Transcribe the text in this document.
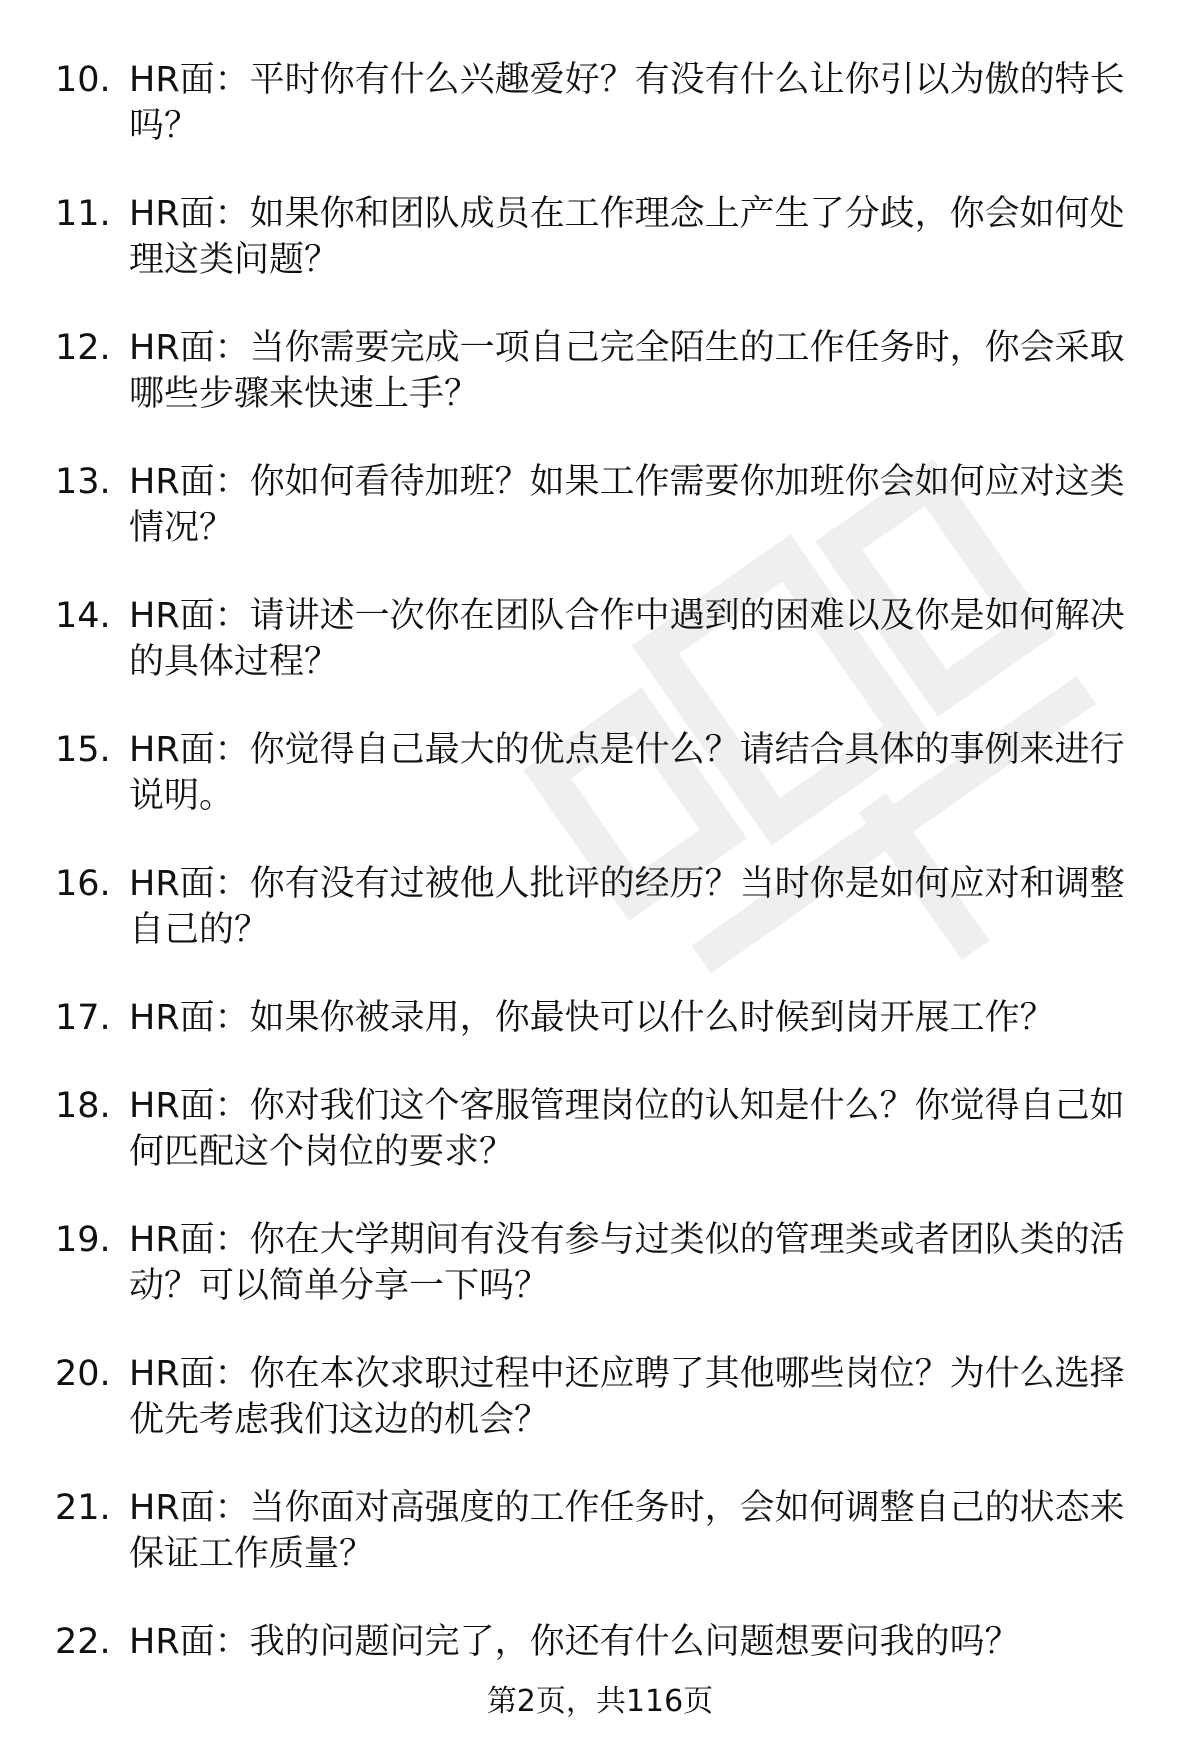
10. HR面：平时你有什么兴趣爱好？有没有什么让你引以为傲的特长吗？
11. HR面：如果你和团队成员在工作理念上产生了分歧，你会如何处理这类问题？
12. HR面：当你需要完成一项自己完全陌生的工作任务时，你会采取哪些步骤来快速上手？
13. HR面：你如何看待加班？如果工作需要你加班你会如何应对这类情况？
14. HR面：请讲述一次你在团队合作中遇到的困难以及你是如何解决的具体过程？
15. HR面：你觉得自己最大的优点是什么？请结合具体的事例来进行说明。
16. HR面：你有没有过被他人批评的经历？当时你是如何应对和调整自己的？
17. HR面：如果你被录用，你最快可以什么时候到岗开展工作？
18. HR面：你对我们这个客服管理岗位的认知是什么？你觉得自己如何匹配这个岗位的要求？
19. HR面：你在大学期间有没有参与过类似的管理类或者团队类的活动？可以简单分享一下吗？
20. HR面：你在本次求职过程中还应聘了其他哪些岗位？为什么选择优先考虑我们这边的机会？
21. HR面：当你面对高强度的工作任务时，会如何调整自己的状态来保证工作质量？
22. HR面：我的问题问完了，你还有什么问题想要问我的吗？
第2页，共116页
